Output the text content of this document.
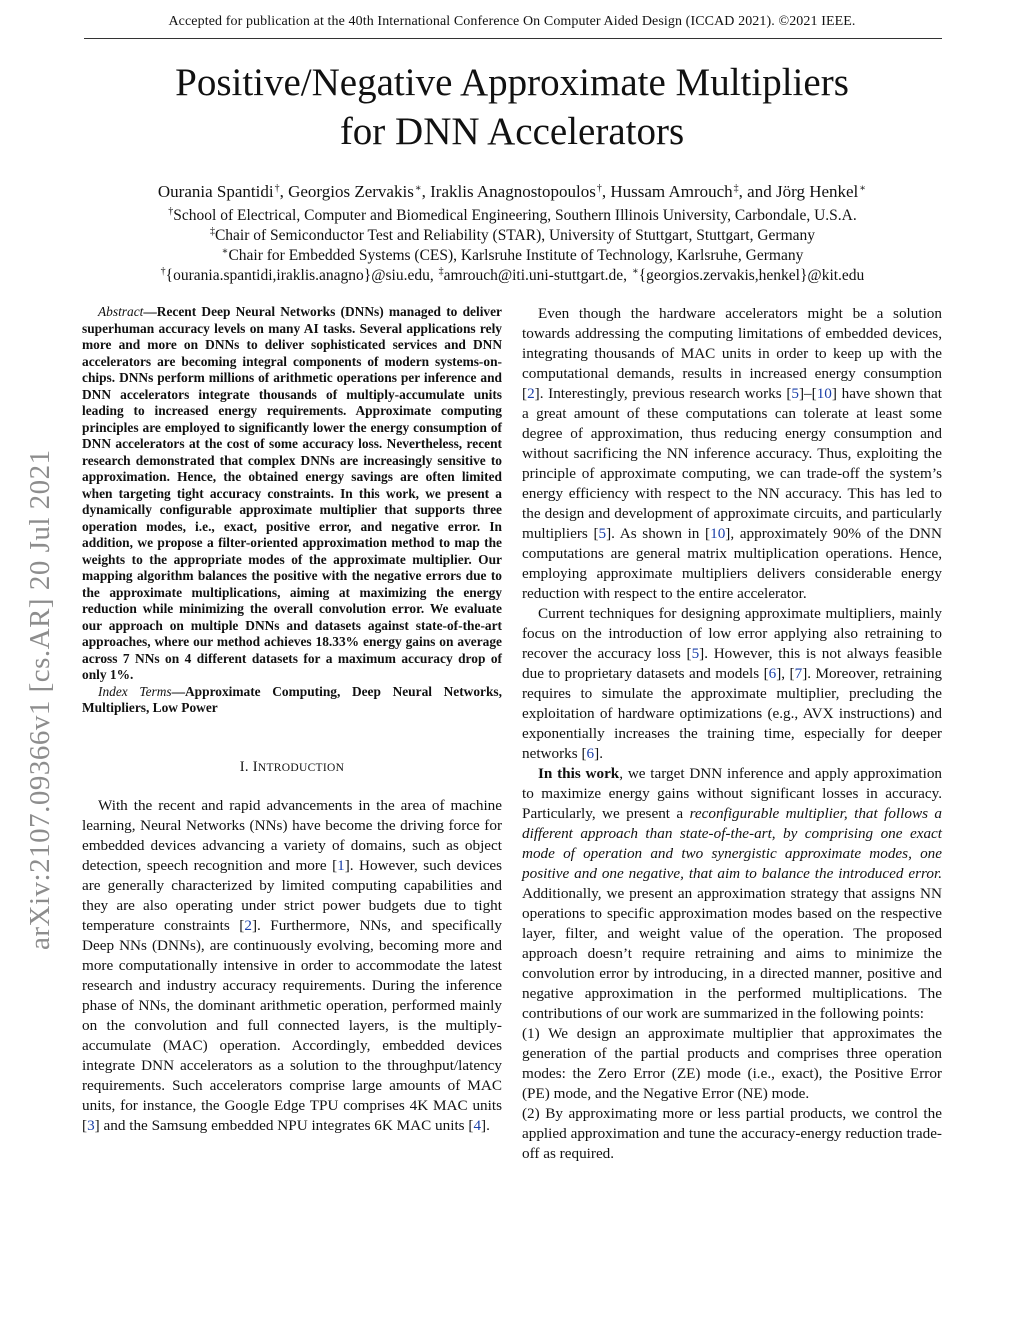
Accepted for publication at the 40th International Conference On Computer Aided Design (ICCAD 2021). ©2021 IEEE.
Positive/Negative Approximate Multipliers
for DNN Accelerators
Ourania Spantidi†, Georgios Zervakis∗, Iraklis Anagnostopoulos†, Hussam Amrouch‡, and Jörg Henkel∗
†School of Electrical, Computer and Biomedical Engineering, Southern Illinois University, Carbondale, U.S.A.
‡Chair of Semiconductor Test and Reliability (STAR), University of Stuttgart, Stuttgart, Germany
∗Chair for Embedded Systems (CES), Karlsruhe Institute of Technology, Karlsruhe, Germany
†{ourania.spantidi,iraklis.anagno}@siu.edu, ‡amrouch@iti.uni-stuttgart.de, ∗{georgios.zervakis,henkel}@kit.edu
arXiv:2107.09366v1 [cs.AR] 20 Jul 2021

Abstract—Recent Deep Neural Networks (DNNs) managed to deliver superhuman accuracy levels on many AI tasks. Several applications rely more and more on DNNs to deliver sophisticated services and DNN accelerators are becoming integral components of modern systems-on-chips. DNNs perform millions of arithmetic operations per inference and DNN accelerators integrate thousands of multiply-accumulate units leading to increased energy requirements. Approximate computing principles are employed to significantly lower the energy consumption of DNN accelerators at the cost of some accuracy loss. Nevertheless, recent research demonstrated that complex DNNs are increasingly sensitive to approximation. Hence, the obtained energy savings are often limited when targeting tight accuracy constraints. In this work, we present a dynamically configurable approximate multiplier that supports three operation modes, i.e., exact, positive error, and negative error. In addition, we propose a filter-oriented approximation method to map the weights to the appropriate modes of the approximate multiplier. Our mapping algorithm balances the positive with the negative errors due to the approximate multiplications, aiming at maximizing the energy reduction while minimizing the overall convolution error. We evaluate our approach on multiple DNNs and datasets against state-of-the-art approaches, where our method achieves 18.33% energy gains on average across 7 NNs on 4 different datasets for a maximum accuracy drop of only 1%.

Index Terms—Approximate Computing, Deep Neural Networks, Multipliers, Low Power

I. INTRODUCTION

With the recent and rapid advancements in the area of machine learning, Neural Networks (NNs) have become the driving force for embedded devices advancing a variety of domains, such as object detection, speech recognition and more [1]. However, such devices are generally characterized by limited computing capabilities and they are also operating under strict power budgets due to tight temperature constraints [2]. Furthermore, NNs, and specifically Deep NNs (DNNs), are continuously evolving, becoming more and more computationally intensive in order to accommodate the latest research and industry accuracy requirements. During the inference phase of NNs, the dominant arithmetic operation, performed mainly on the convolution and full connected layers, is the multiply-accumulate (MAC) operation. Accordingly, embedded devices integrate DNN accelerators as a solution to the throughput/latency requirements. Such accelerators comprise large amounts of MAC units, for instance, the Google Edge TPU comprises 4K MAC units [3] and the Samsung embedded NPU integrates 6K MAC units [4].

Even though the hardware accelerators might be a solution towards addressing the computing limitations of embedded devices, integrating thousands of MAC units in order to keep up with the computational demands, results in increased energy consumption [2]. Interestingly, previous research works [5]–[10] have shown that a great amount of these computations can tolerate at least some degree of approximation, thus reducing energy consumption and without sacrificing the NN inference accuracy. Thus, exploiting the principle of approximate computing, we can trade-off the system’s energy efficiency with respect to the NN accuracy. This has led to the design and development of approximate circuits, and particularly multipliers [5]. As shown in [10], approximately 90% of the DNN computations are general matrix multiplication operations. Hence, employing approximate multipliers delivers considerable energy reduction with respect to the entire accelerator.

Current techniques for designing approximate multipliers, mainly focus on the introduction of low error applying also retraining to recover the accuracy loss [5]. However, this is not always feasible due to proprietary datasets and models [6], [7]. Moreover, retraining requires to simulate the approximate multiplier, precluding the exploitation of hardware optimizations (e.g., AVX instructions) and exponentially increases the training time, especially for deeper networks [6].

In this work, we target DNN inference and apply approximation to maximize energy gains without significant losses in accuracy. Particularly, we present a reconfigurable multiplier, that follows a different approach than state-of-the-art, by comprising one exact mode of operation and two synergistic approximate modes, one positive and one negative, that aim to balance the introduced error. Additionally, we present an approximation strategy that assigns NN operations to specific approximation modes based on the respective layer, filter, and weight value of the operation. The proposed approach doesn’t require retraining and aims to minimize the convolution error by introducing, in a directed manner, positive and negative approximation in the performed multiplications. The contributions of our work are summarized in the following points:

(1) We design an approximate multiplier that approximates the generation of the partial products and comprises three operation modes: the Zero Error (ZE) mode (i.e., exact), the Positive Error (PE) mode, and the Negative Error (NE) mode.

(2) By approximating more or less partial products, we control the applied approximation and tune the accuracy-energy reduction trade-off as required.
